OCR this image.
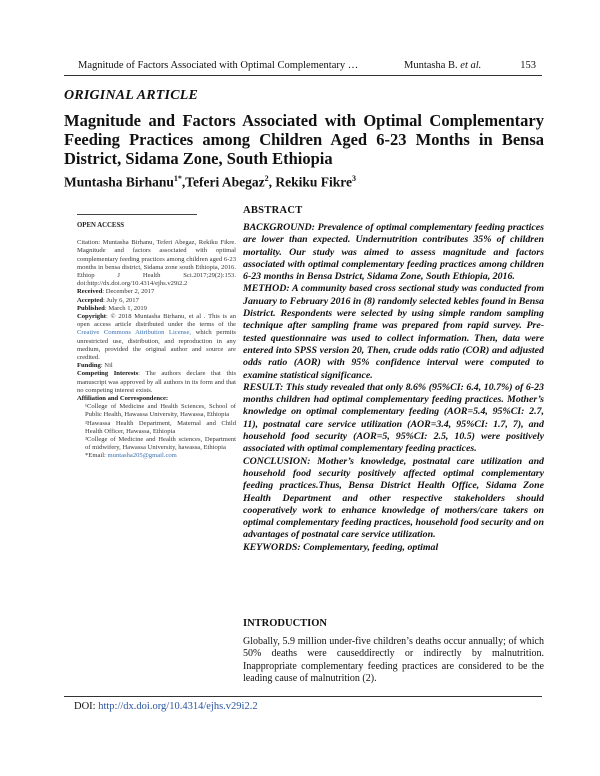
Magnitude of Factors Associated with Optimal Complementary …	Muntasha B. et al.	153
ORIGINAL ARTICLE
Magnitude and Factors Associated with Optimal Complementary Feeding Practices among Children Aged 6-23 Months in Bensa District, Sidama Zone, South Ethiopia
Muntasha Birhanu$^{1*}$,Teferi Abegaz$^2$, Rekiku Fikre$^3$
OPEN ACCESS

Citation: Muntasha Birhanu, Teferi Abegaz, Rekiku Fikre. Magnitude and factors associated with optimal complementary feeding practices among children aged 6-23 months in bensa district, Sidama zone south Ethiopia, 2016. Ethiop J Health Sci.2017;29(2):153. doi:http://dx.doi.org/10.4314/ejhs.v29i2.2

Received: December 2, 2017

Accepted: July 6, 2017

Published: March 1, 2019

Copyright: © 2018 Muntasha Birhanu, et al . This is an open access article distributed under the terms of the Creative Commons Attribution License, which permits unrestricted use, distribution, and reproduction in any medium, provided the original author and source are credited.

Funding: Nil

Competing Interests: The authors declare that this manuscript was approved by all authors in its form and that no competing interest exists.

Affiliation and Correspondence:

¹College of Medicine and Health Sciences, School of Public Health, Hawassa University, Hawassa, Ethiopia

²Hawassa Health Department, Maternal and Child Health Officer, Hawassa, Ethiopia

³College of Medicine and Health sciences, Department of midwifery, Hawassa University, hawassa, Ethiopia

*Email: muntasha205@gmail.com

ABSTRACT

BACKGROUND: Prevalence of optimal complementary feeding practices are lower than expected. Undernutrition contributes 35% of children mortality. Our study was aimed to assess magnitude and factors associated with optimal complementary feeding practices among children 6-23 months in Bensa Dstrict, Sidama Zone, South Ethiopia, 2016.

METHOD: A community based cross sectional study was conducted from January to February 2016 in (8) randomly selected kebles found in Bensa District. Respondents were selected by using simple random sampling technique after sampling frame was prepared from rapid survey. Pre-tested questionnaire was used to collect information. Then, data were entered into SPSS version 20, Then, crude odds ratio (COR) and adjusted odds ratio (AOR) with 95% confidence interval were computed to examine statistical significance.

RESULT: This study revealed that only 8.6% (95%CI: 6.4, 10.7%) of 6-23 months children had optimal complementary feeding practices. Mother’s knowledge on optimal complementary feeding (AOR=5.4, 95%CI: 2.7, 11), postnatal care service utilization (AOR=3.4, 95%CI: 1.7, 7), and household food security (AOR=5, 95%CI: 2.5, 10.5) were positively associated with optimal complementary feeding practices.

CONCLUSION: Mother’s knowledge, postnatal care utilization and household food security positively affected optimal complementary feeding practices.Thus, Bensa District Health Office, Sidama Zone Health Department and other respective stakeholders should cooperatively work to enhance knowledge of mothers/care takers on optimal complementary feeding practices, household food security and on advantages of postnatal care service utilization.

KEYWORDS: Complementary, feeding, optimal

INTRODUCTION
Globally, 5.9 million under-five children’s deaths occur annually; of which 50% deaths were causeddirectly or indirectly by malnutrition. Inappropriate complementary feeding practices are considered to be the leading cause of malnutrition (2).
DOI: http://dx.doi.org/10.4314/ejhs.v29i2.2
